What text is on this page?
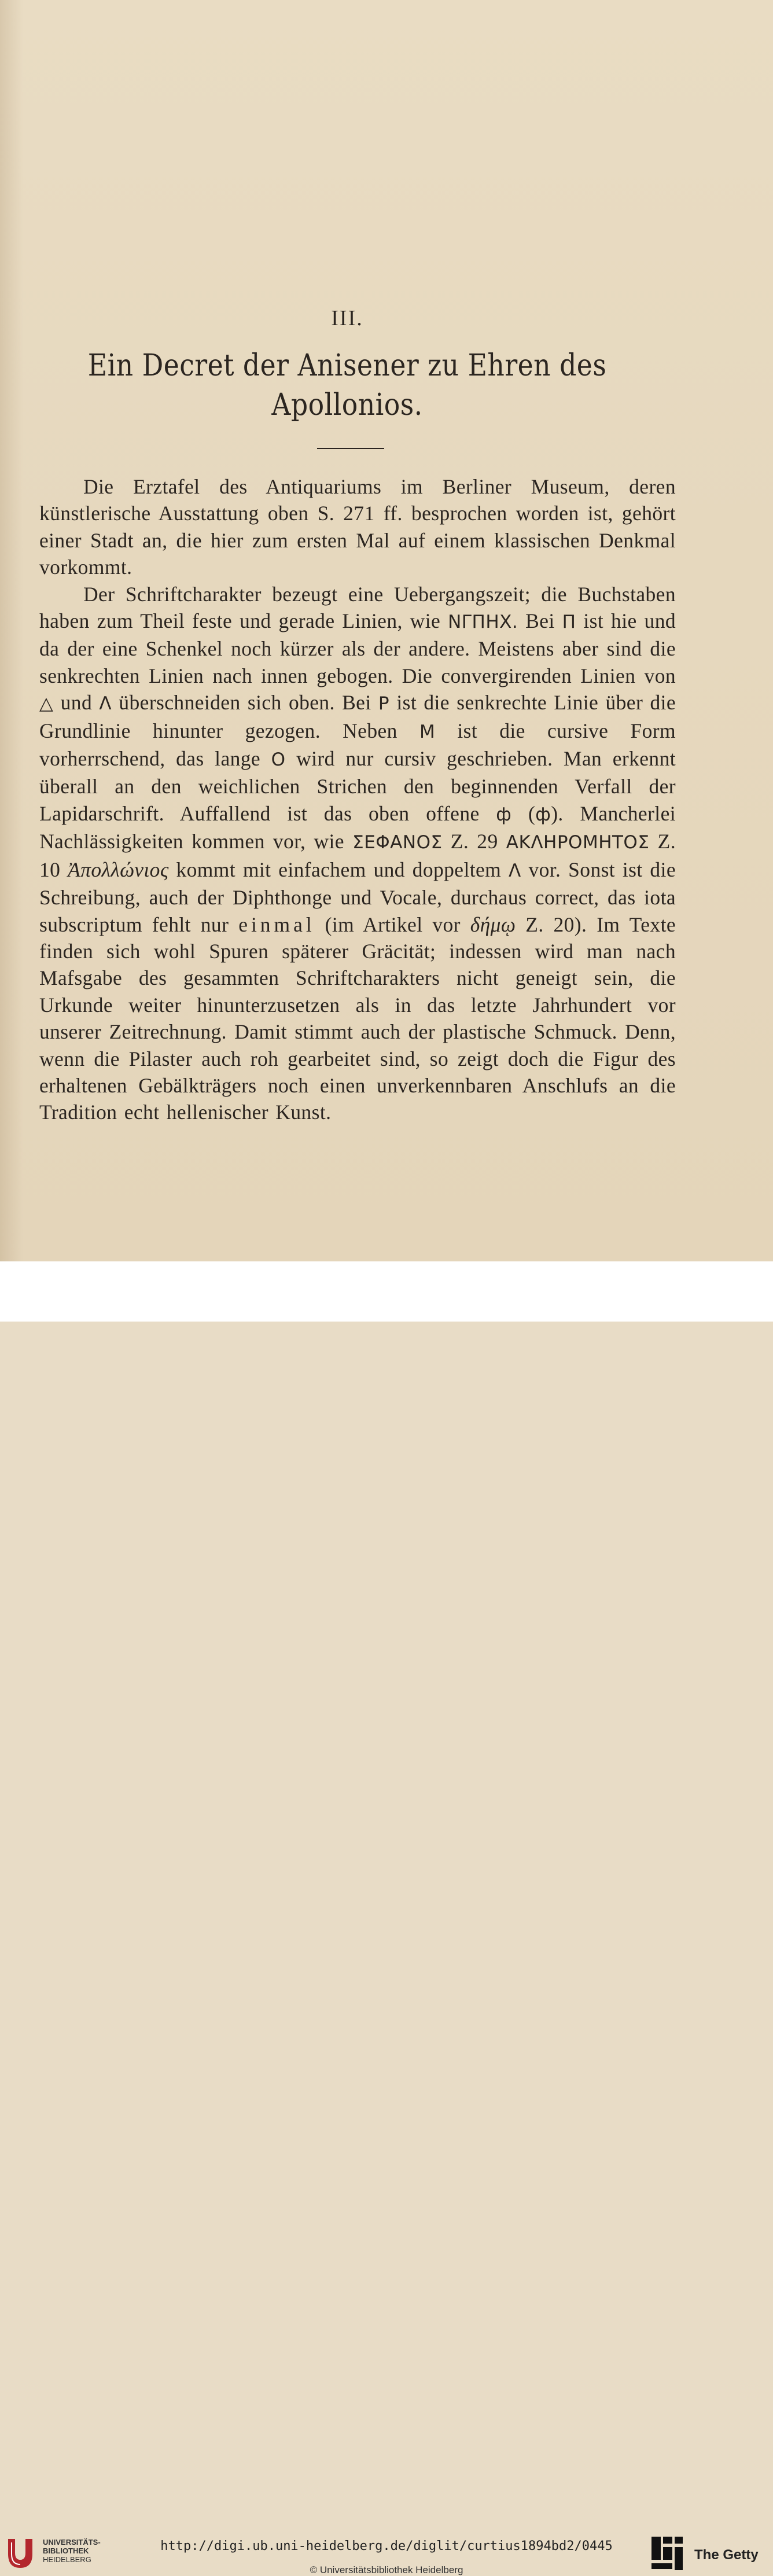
III.
Ein Decret der Anisener zu Ehren des
Apollonios.

Die Erztafel des Antiquariums im Berliner Museum, deren künstlerische Ausstattung oben S. 271 ff. besprochen worden ist, gehört einer Stadt an, die hier zum ersten Mal auf einem klassischen Denkmal vorkommt.

Der Schriftcharakter bezeugt eine Uebergangszeit; die Buchstaben haben zum Theil feste und gerade Linien, wie ΝΓΠΗΧ. Bei Π ist hie und da der eine Schenkel noch kürzer als der andere. Meistens aber sind die senkrechten Linien nach innen gebogen. Die convergirenden Linien von △ und Λ überschneiden sich oben. Bei Ρ ist die senkrechte Linie über die Grundlinie hinunter gezogen. Neben Μ ist die cursive Form vorherrschend, das lange Ο wird nur cursiv geschrieben. Man erkennt überall an den weichlichen Strichen den beginnenden Verfall der Lapidarschrift. Auffallend ist das oben offene ф (ф). Mancherlei Nachlässigkeiten kommen vor, wie ΣΕΦΑΝΟΣ Z. 29 ΑΚΛΗΡΟΜΗΤΟΣ Z. 10 Ἀπολλώνιος kommt mit einfachem und doppeltem Λ vor. Sonst ist die Schreibung, auch der Diphthonge und Vocale, durchaus correct, das iota subscriptum fehlt nur einmal (im Artikel vor δήμῳ Z. 20). Im Texte finden sich wohl Spuren späterer Gräcität; indessen wird man nach Mafsgabe des gesammten Schriftcharakters nicht geneigt sein, die Urkunde weiter hinunterzusetzen als in das letzte Jahrhundert vor unserer Zeitrechnung. Damit stimmt auch der plastische Schmuck. Denn, wenn die Pilaster auch roh gearbeitet sind, so zeigt doch die Figur des erhaltenen Gebälkträgers noch einen unverkennbaren Anschlufs an die Tradition echt hellenischer Kunst.

UNIVERSITÄTS-
BIBLIOTHEK
HEIDELBERG
http://digi.ub.uni-heidelberg.de/diglit/curtius1894bd2/0445
© Universitätsbibliothek Heidelberg
The Getty
